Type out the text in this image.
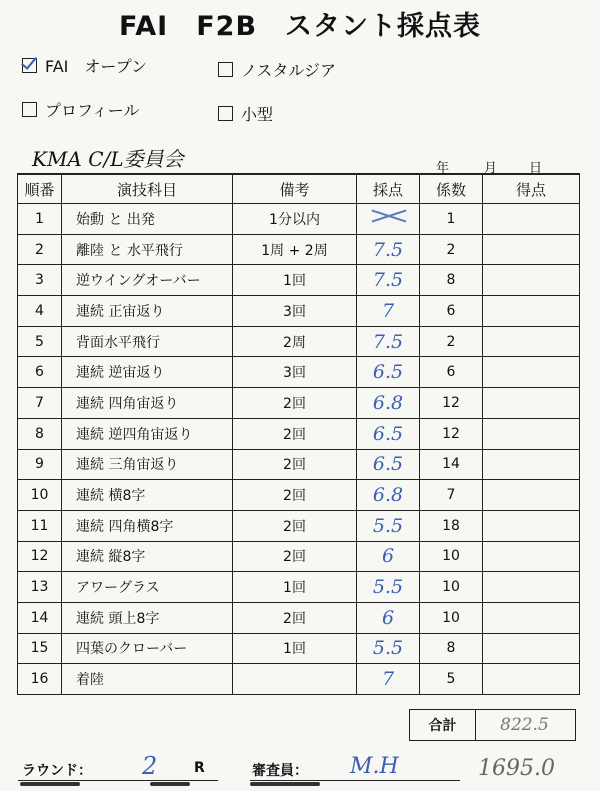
FAI　F2B　スタント採点表
FAI　オープン	ノスタルジア
プロフィール	小型
KMA C/L委員会	年	月 日
順番	演技科目	備考	採点	係数	得点
1	始動 と 出発	1分以内		1	
2	離陸 と 水平飛行	1周 + 2周	7.5	2	
3	逆ウイングオーバー	1回	7.5	8	
4	連続 正宙返り	3回	7	6	
5	背面水平飛行	2周	7.5	2	
6	連続 逆宙返り	3回	6.5	6	
7	連続 四角宙返り	2回	6.8	12	
8	連続 逆四角宙返り	2回	6.5	12	
9	連続 三角宙返り	2回	6.5	14	
10	連続 横8字	2回	6.8	7	
11	連続 四角横8字	2回	5.5	18	
12	連続 縦8字	2回	6	10	
13	アワーグラス	1回	5.5	10	
14	連続 頭上8字	2回	6	10	
15	四葉のクローバー	1回	5.5	8	
16	着陸		7	5	
合計	822.5
ラウンド： 2	R	審査員： M.H	1695.0
